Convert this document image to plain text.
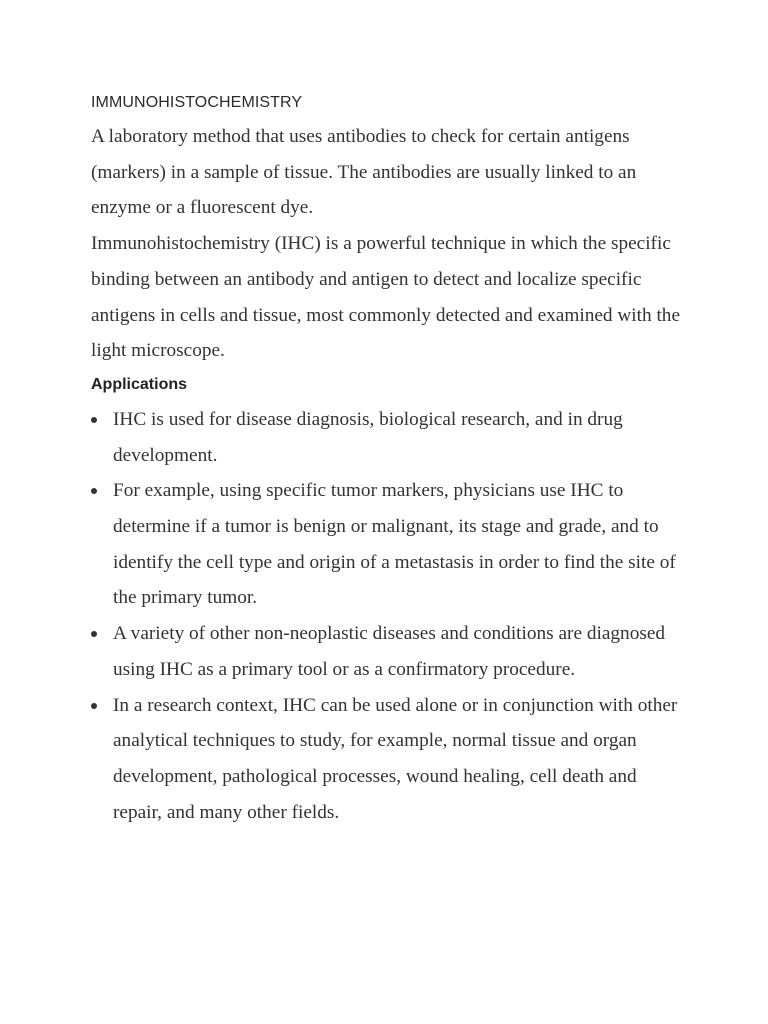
IMMUNOHISTOCHEMISTRY

A laboratory method that uses antibodies to check for certain antigens (markers) in a sample of tissue. The antibodies are usually linked to an enzyme or a fluorescent dye.

Immunohistochemistry (IHC) is a powerful technique in which the specific binding between an antibody and antigen to detect and localize specific antigens in cells and tissue, most commonly detected and examined with the light microscope.

Applications
IHC is used for disease diagnosis, biological research, and in drug development.
For example, using specific tumor markers, physicians use IHC to determine if a tumor is benign or malignant, its stage and grade, and to identify the cell type and origin of a metastasis in order to find the site of the primary tumor.
A variety of other non-neoplastic diseases and conditions are diagnosed using IHC as a primary tool or as a confirmatory procedure.
In a research context, IHC can be used alone or in conjunction with other analytical techniques to study, for example, normal tissue and organ development, pathological processes, wound healing, cell death and repair, and many other fields.
